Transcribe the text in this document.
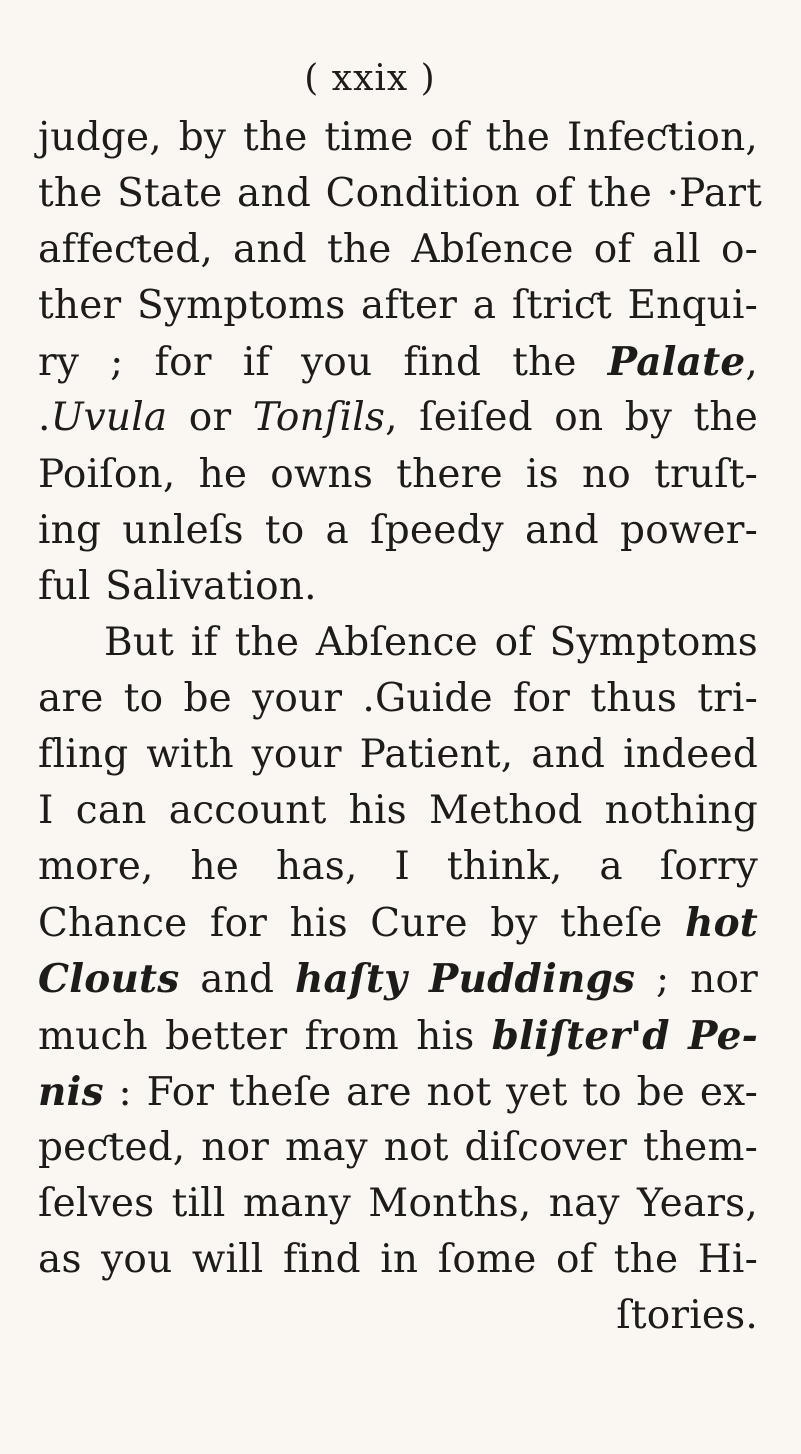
( xxix )
judge, by the time of the Infeƈtion,
the State and Condition of the ·Part
affeƈted, and the Abſence of all o-
ther Symptoms after a ſtriƈt Enqui-
ry ; for if you find the Palate,
.Uvula or Tonſils, ſeiſed on by the
Poiſon, he owns there is no truſt-
ing unleſs to a ſpeedy and power-
ful Salivation.
But if the Abſence of Symptoms
are to be your .Guide for thus tri-
fling with your Patient, and indeed
I can account his Method nothing
more, he has, I think, a ſorry
Chance for his Cure by theſe hot
Clouts and haſty Puddings ; nor
much better from his bliſter'd Pe-
nis : For theſe are not yet to be ex-
peƈted, nor may not diſcover them-
ſelves till many Months, nay Years,
as you will find in ſome of the Hi-
ſtories.
